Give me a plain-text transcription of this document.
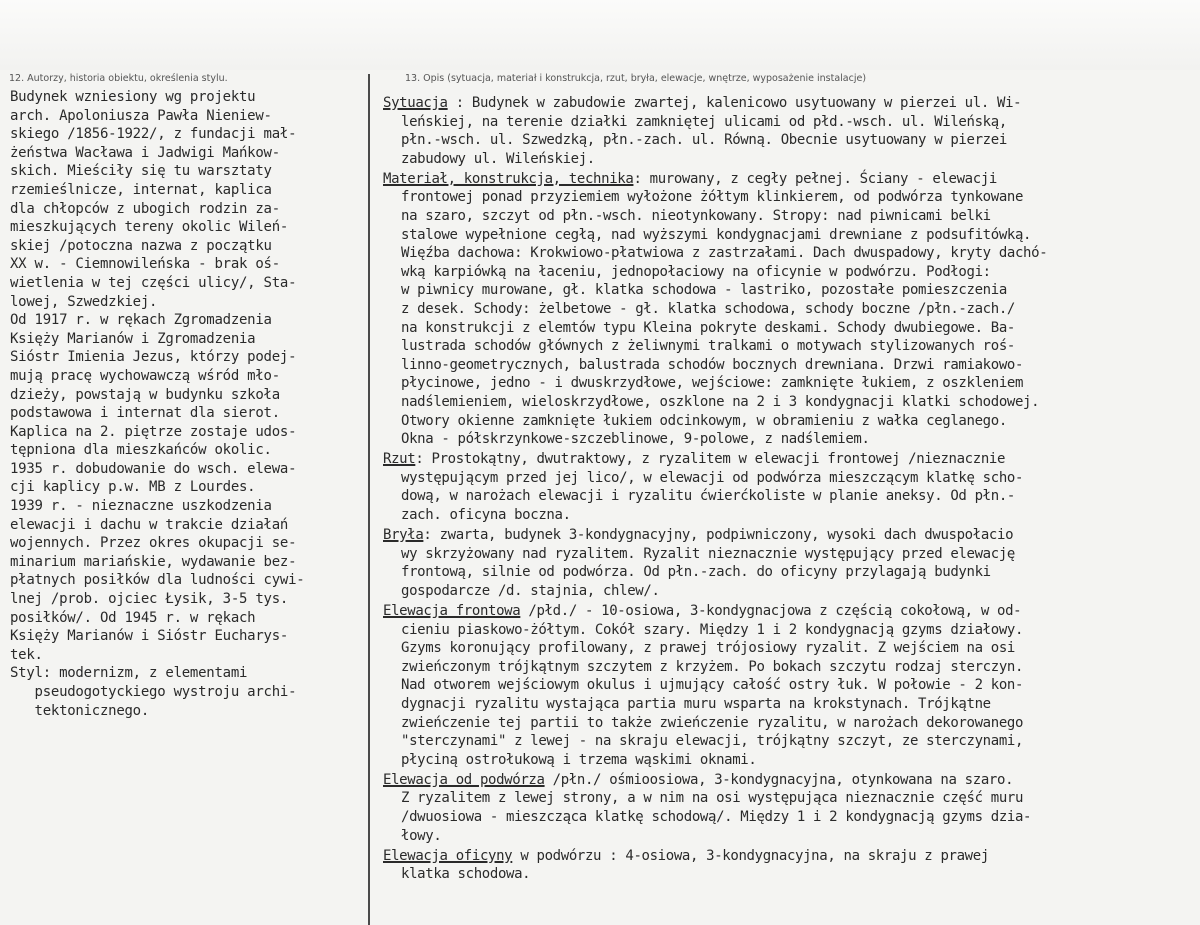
12. Autorzy, historia obiektu, określenia stylu.	13. Opis (sytuacja, materiał i konstrukcja, rzut, bryła, elewacje, wnętrze, wyposażenie instalacje)
Budynek wzniesiony wg projektu
arch. Apoloniusza Pawła Nieniew-
skiego /1856-1922/, z fundacji mał-
żeństwa Wacława i Jadwigi Mańkow-
skich. Mieściły się tu warsztaty
rzemieślnicze, internat, kaplica
dla chłopców z ubogich rodzin za-
mieszkujących tereny okolic Wileń-
skiej /potoczna nazwa z początku
XX w. - Ciemnowileńska - brak oś-
wietlenia w tej części ulicy/, Sta-
lowej, Szwedzkiej.
Od 1917 r. w rękach Zgromadzenia
Księży Marianów i Zgromadzenia
Sióstr Imienia Jezus, którzy podej-
mują pracę wychowawczą wśród mło-
dzieży, powstają w budynku szkoła
podstawowa i internat dla sierot.
Kaplica na 2. piętrze zostaje udos-
tępniona dla mieszkańców okolic.
1935 r. dobudowanie do wsch. elewa-
cji kaplicy p.w. MB z Lourdes.
1939 r. - nieznaczne uszkodzenia
elewacji i dachu w trakcie działań
wojennych. Przez okres okupacji se-
minarium mariańskie, wydawanie bez-
płatnych posiłków dla ludności cywi-
lnej /prob. ojciec Łysik, 3-5 tys.
posiłków/. Od 1945 r. w rękach
Księży Marianów i Sióstr Eucharys-
tek.
Styl: modernizm, z elementami
pseudogotyckiego wystroju archi-
tektonicznego.
Sytuacja : Budynek w zabudowie zwartej, kalenicowo usytuowany w pierzei ul. Wi-
leńskiej, na terenie działki zamkniętej ulicami od płd.-wsch. ul. Wileńską,
płn.-wsch. ul. Szwedzką, płn.-zach. ul. Równą. Obecnie usytuowany w pierzei
zabudowy ul. Wileńskiej.
Materiał, konstrukcja, technika: murowany, z cegły pełnej. Ściany - elewacji
frontowej ponad przyziemiem wyłożone żółtym klinkierem, od podwórza tynkowane
na szaro, szczyt od płn.-wsch. nieotynkowany. Stropy: nad piwnicami belki
stalowe wypełnione cegłą, nad wyższymi kondygnacjami drewniane z podsufitówką.
Więźba dachowa: Krokwiowo-płatwiowa z zastrzałami. Dach dwuspadowy, kryty dachó-
wką karpiówką na łaceniu, jednopołaciowy na oficynie w podwórzu. Podłogi:
w piwnicy murowane, gł. klatka schodowa - lastriko, pozostałe pomieszczenia
z desek. Schody: żelbetowe - gł. klatka schodowa, schody boczne /płn.-zach./
na konstrukcji z elemtów typu Kleina pokryte deskami. Schody dwubiegowe. Ba-
lustrada schodów głównych z żeliwnymi tralkami o motywach stylizowanych roś-
linno-geometrycznych, balustrada schodów bocznych drewniana. Drzwi ramiakowo-
płycinowe, jedno - i dwuskrzydłowe, wejściowe: zamknięte łukiem, z oszkleniem
nadślemieniem, wieloskrzydłowe, oszklone na 2 i 3 kondygnacji klatki schodowej.
Otwory okienne zamknięte łukiem odcinkowym, w obramieniu z wałka ceglanego.
Okna - półskrzynkowe-szczeblinowe, 9-polowe, z nadślemiem.
Rzut: Prostokątny, dwutraktowy, z ryzalitem w elewacji frontowej /nieznacznie
występującym przed jej lico/, w elewacji od podwórza mieszczącym klatkę scho-
dową, w narożach elewacji i ryzalitu ćwierćkoliste w planie aneksy. Od płn.-
zach. oficyna boczna.
Bryła: zwarta, budynek 3-kondygnacyjny, podpiwniczony, wysoki dach dwuspołacio
wy skrzyżowany nad ryzalitem. Ryzalit nieznacznie występujący przed elewację
frontową, silnie od podwórza. Od płn.-zach. do oficyny przylagają budynki
gospodarcze /d. stajnia, chlew/.
Elewacja frontowa /płd./ - 10-osiowa, 3-kondygnacjowa z częścią cokołową, w od-
cieniu piaskowo-żółtym. Cokół szary. Między 1 i 2 kondygnacją gzyms działowy.
Gzyms koronujący profilowany, z prawej trójosiowy ryzalit. Z wejściem na osi
zwieńczonym trójkątnym szczytem z krzyżem. Po bokach szczytu rodzaj sterczyn.
Nad otworem wejściowym okulus i ujmujący całość ostry łuk. W połowie - 2 kon-
dygnacji ryzalitu wystająca partia muru wsparta na krokstynach. Trójkątne
zwieńczenie tej partii to także zwieńczenie ryzalitu, w narożach dekorowanego
"sterczynami" z lewej - na skraju elewacji, trójkątny szczyt, ze sterczynami,
płyciną ostrołukową i trzema wąskimi oknami.
Elewacja od podwórza /płn./ ośmioosiowa, 3-kondygnacyjna, otynkowana na szaro.
Z ryzalitem z lewej strony, a w nim na osi występująca nieznacznie część muru
/dwuosiowa - mieszcząca klatkę schodową/. Między 1 i 2 kondygnacją gzyms dzia-
łowy.
Elewacja oficyny w podwórzu : 4-osiowa, 3-kondygnacyjna, na skraju z prawej
klatka schodowa.
